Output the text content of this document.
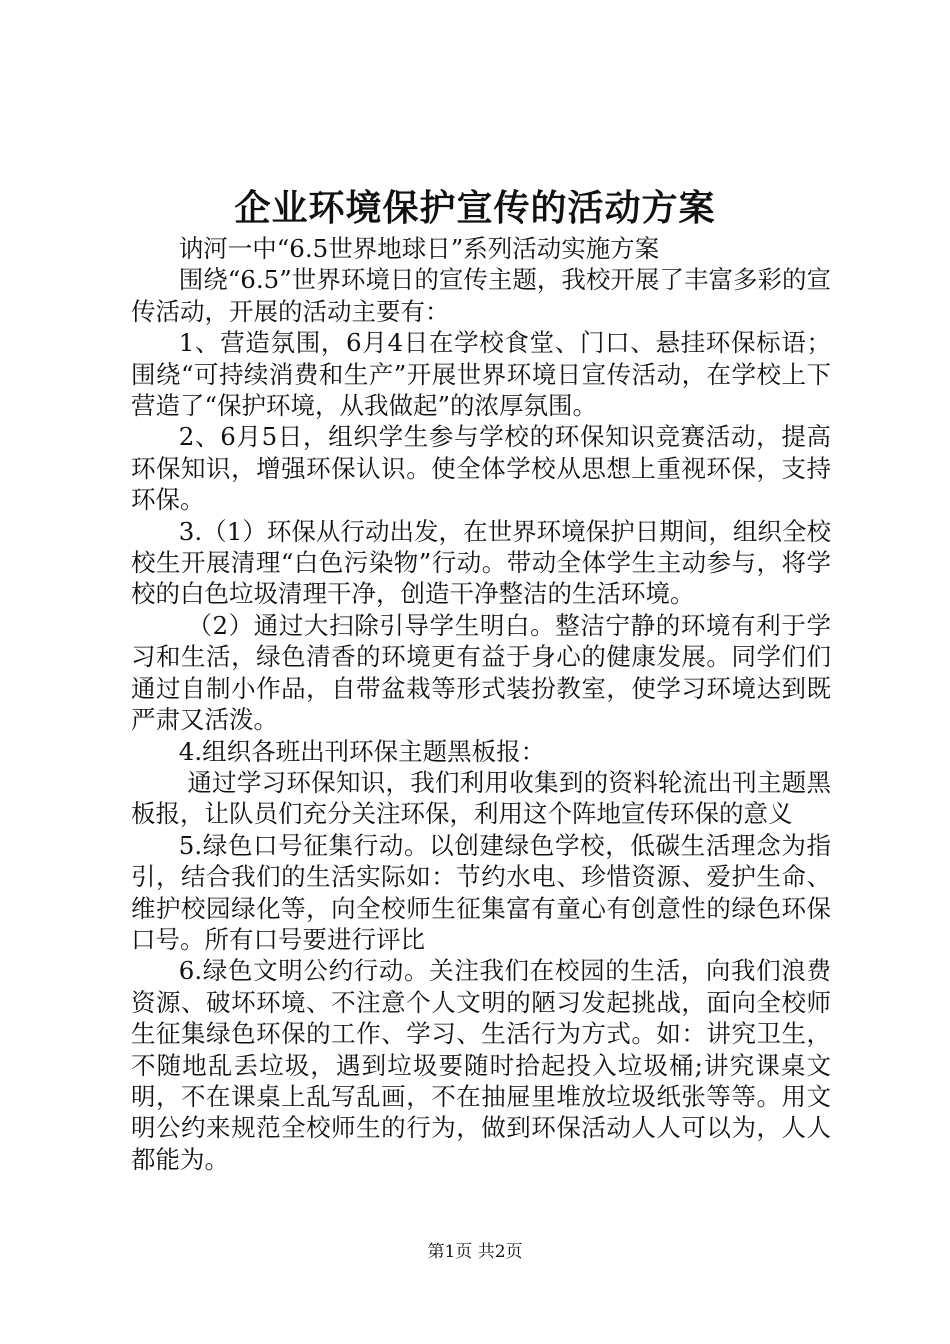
企业环境保护宣传的活动方案

讷河一中“6.5世界地球日”系列活动实施方案

围绕“6.5”世界环境日的宣传主题，我校开展了丰富多彩的宣传活动，开展的活动主要有：

1、营造氛围，6月4日在学校食堂、门口、悬挂环保标语；围绕“可持续消费和生产”开展世界环境日宣传活动，在学校上下营造了“保护环境，从我做起”的浓厚氛围。

2、6月5日，组织学生参与学校的环保知识竞赛活动，提高环保知识，增强环保认识。使全体学校从思想上重视环保，支持环保。

3.（1）环保从行动出发，在世界环境保护日期间，组织全校校生开展清理“白色污染物”行动。带动全体学生主动参与，将学校的白色垃圾清理干净，创造干净整洁的生活环境。

（2）通过大扫除引导学生明白。整洁宁静的环境有利于学习和生活，绿色清香的环境更有益于身心的健康发展。同学们们通过自制小作品，自带盆栽等形式装扮教室，使学习环境达到既严肃又活泼。

4.组织各班出刊环保主题黑板报：

通过学习环保知识，我们利用收集到的资料轮流出刊主题黑板报，让队员们充分关注环保，利用这个阵地宣传环保的意义

5.绿色口号征集行动。以创建绿色学校，低碳生活理念为指引，结合我们的生活实际如：节约水电、珍惜资源、爱护生命、维护校园绿化等，向全校师生征集富有童心有创意性的绿色环保口号。所有口号要进行评比

6.绿色文明公约行动。关注我们在校园的生活，向我们浪费资源、破坏环境、不注意个人文明的陋习发起挑战，面向全校师生征集绿色环保的工作、学习、生活行为方式。如：讲究卫生，不随地乱丢垃圾，遇到垃圾要随时拾起投入垃圾桶;讲究课桌文明，不在课桌上乱写乱画，不在抽屉里堆放垃圾纸张等等。用文明公约来规范全校师生的行为，做到环保活动人人可以为，人人都能为。

第1页 共2页
